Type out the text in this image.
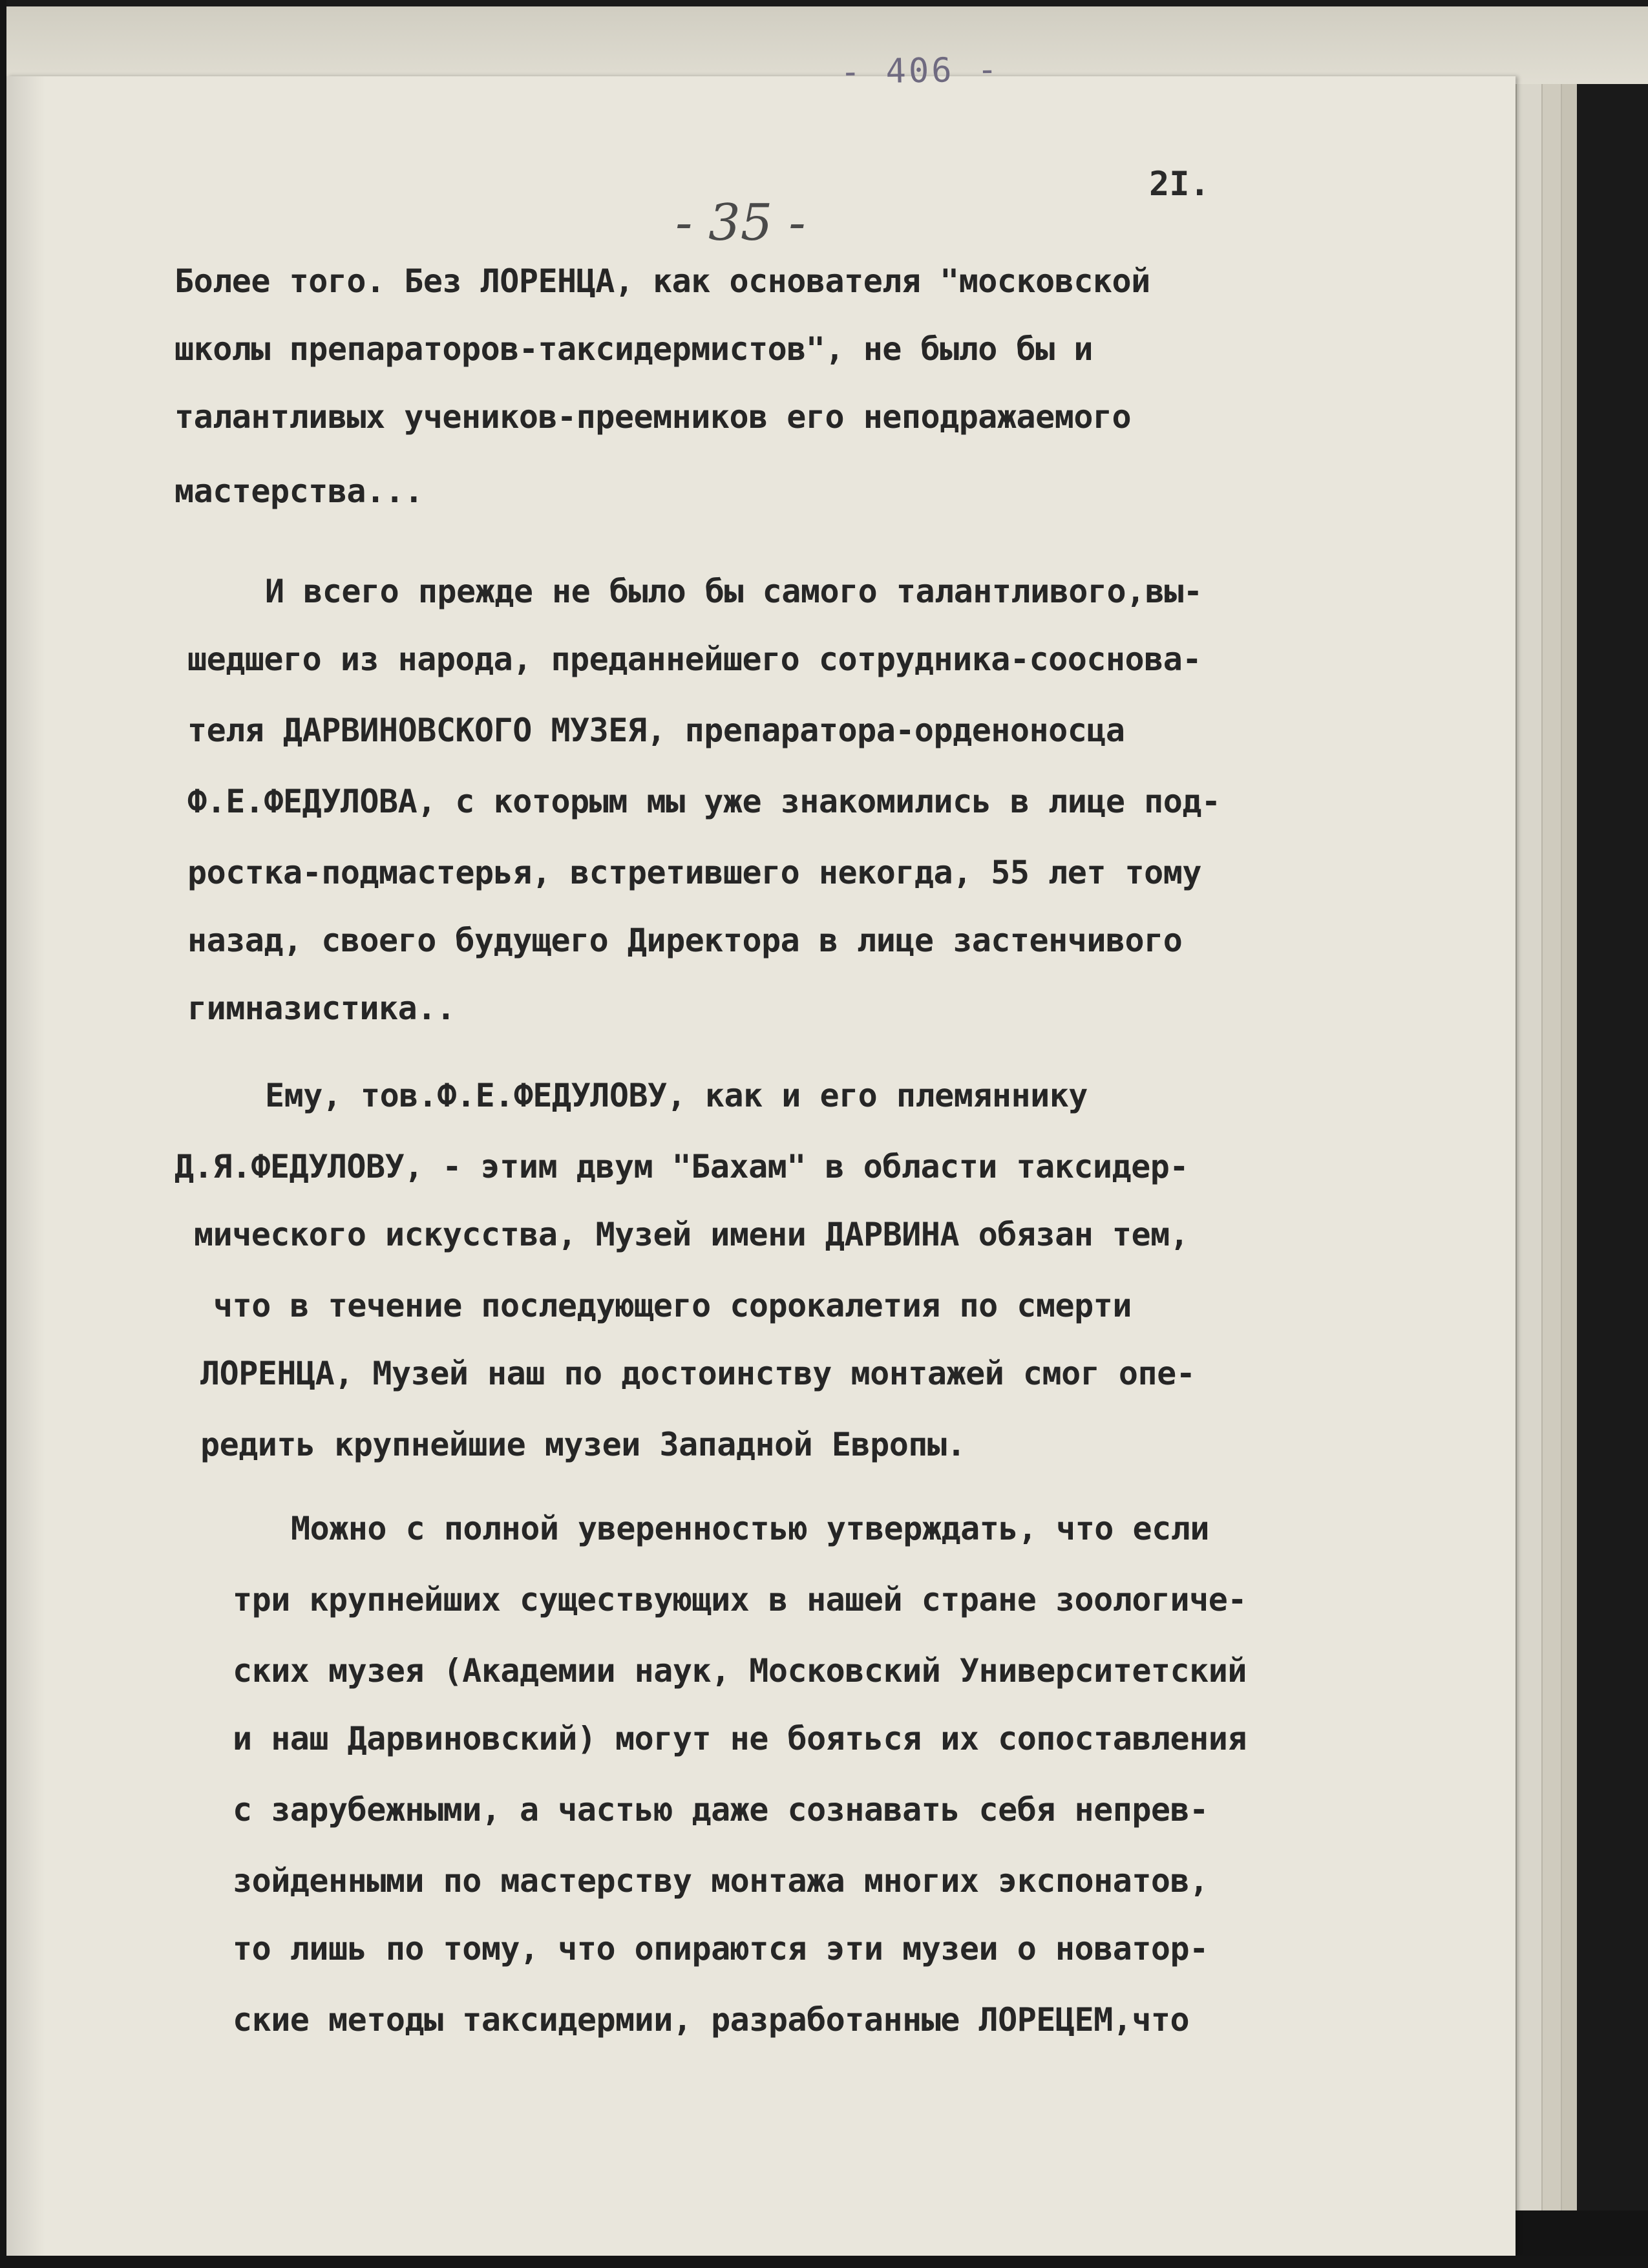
- 406 -
- 35 -
2I.
Более того. Без ЛОРЕНЦА, как основателя "московской
школы препараторов-таксидермистов", не было бы и
талантливых учеников-преемников его неподражаемого
мастерства...
И всего прежде не было бы самого талантливого,вы-
шедшего из народа, преданнейшего сотрудника-сооснова-
теля ДАРВИНОВСКОГО МУЗЕЯ, препаратора-орденоносца
Ф.Е.ФЕДУЛОВА, с которым мы уже знакомились в лице под-
ростка-подмастерья, встретившего некогда, 55 лет тому
назад, своего будущего Директора в лице застенчивого
гимназистика..
Ему, тов.Ф.Е.ФЕДУЛОВУ, как и его племяннику
Д.Я.ФЕДУЛОВУ, - этим двум "Бахам" в области таксидер-
мического искусства, Музей имени ДАРВИНА обязан тем,
что в течение последующего сорокалетия по смерти
ЛОРЕНЦА, Музей наш по достоинству монтажей смог опе-
редить крупнейшие музеи Западной Европы.
Можно с полной уверенностью утверждать, что если
три крупнейших существующих в нашей стране зоологиче-
ских музея (Академии наук, Московский Университетский
и наш Дарвиновский) могут не бояться их сопоставления
с зарубежными, а частью даже сознавать себя непрев-
зойденными по мастерству монтажа многих экспонатов,
то лишь по тому, что опираются эти музеи о новатор-
ские методы таксидермии, разработанные ЛОРЕЦЕМ,что
